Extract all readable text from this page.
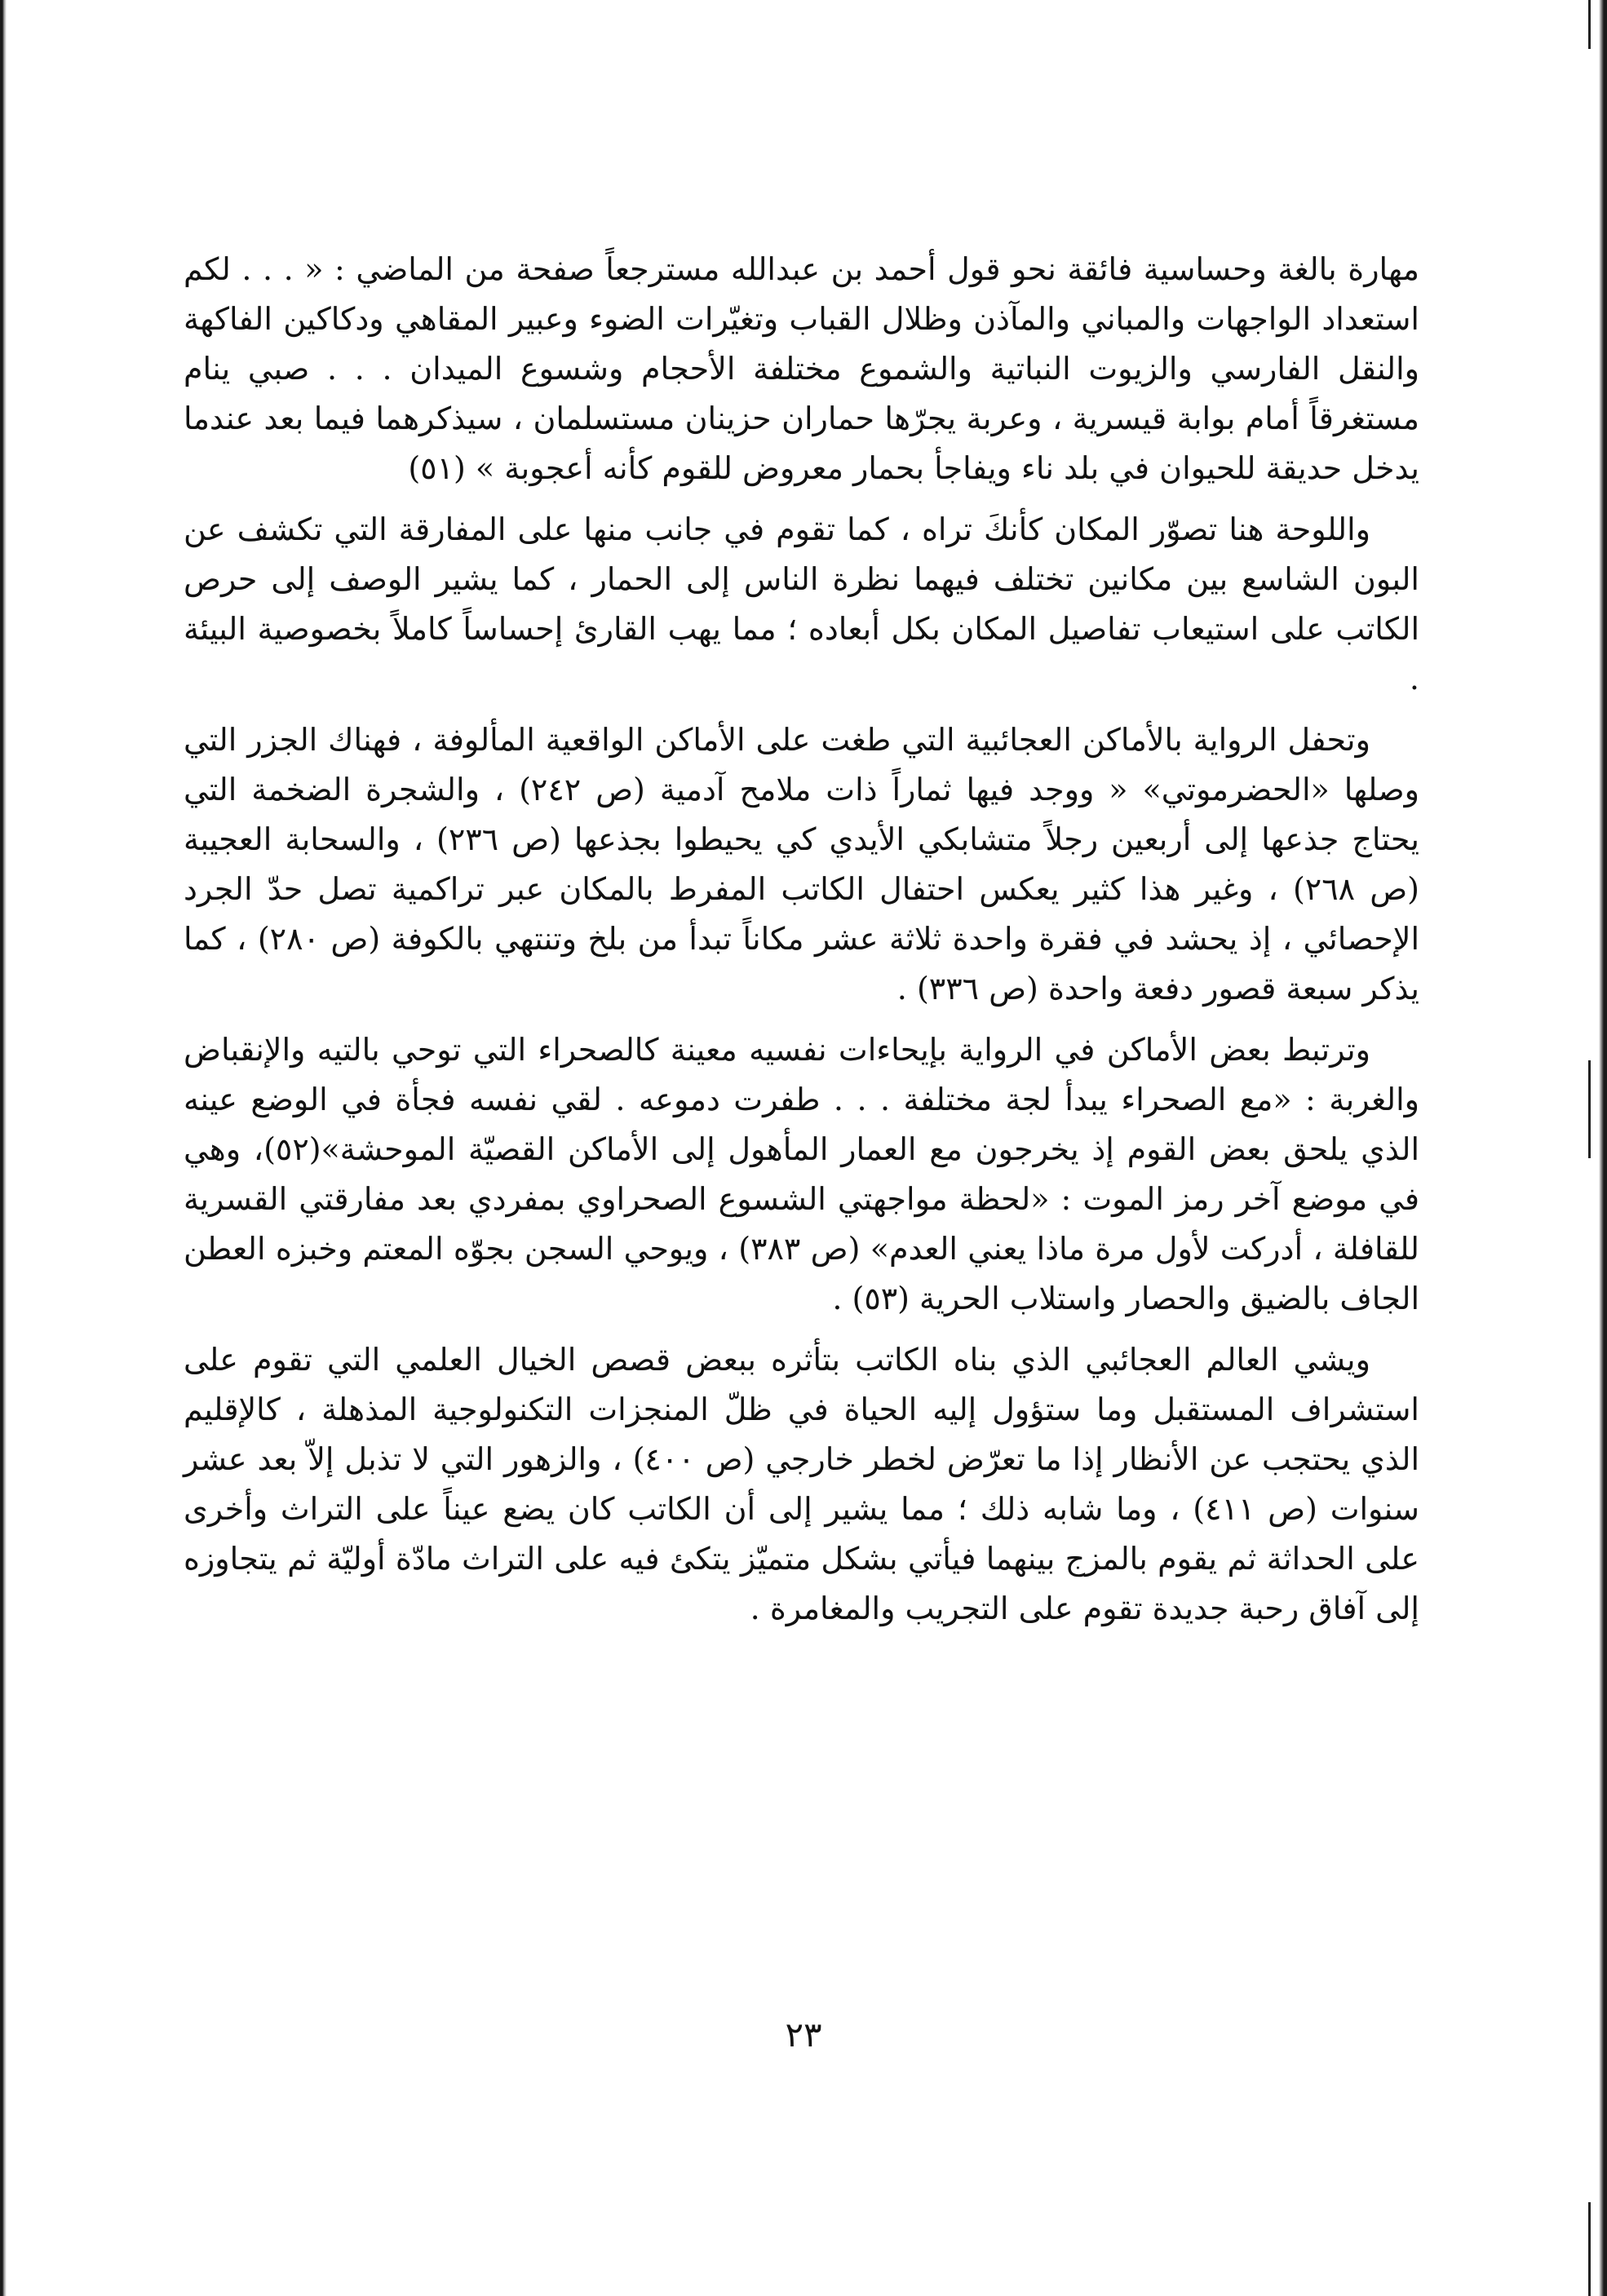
مهارة بالغة وحساسية فائقة نحو قول أحمد بن عبدالله مسترجعاً صفحة من الماضي : « . . . لكم استعداد الواجهات والمباني والمآذن وظلال القباب وتغيّرات الضوء وعبير المقاهي ودكاكين الفاكهة والنقل الفارسي والزيوت النباتية والشموع مختلفة الأحجام وشسوع الميدان . . . صبي ينام مستغرقاً أمام بوابة قيسرية ، وعربة يجرّها حماران حزينان مستسلمان ، سيذكرهما فيما بعد عندما يدخل حديقة للحيوان في بلد ناء ويفاجأ بحمار معروض للقوم كأنه أعجوبة » (٥١)

واللوحة هنا تصوّر المكان كأنكَ تراه ، كما تقوم في جانب منها على المفارقة التي تكشف عن البون الشاسع بين مكانين تختلف فيهما نظرة الناس إلى الحمار ، كما يشير الوصف إلى حرص الكاتب على استيعاب تفاصيل المكان بكل أبعاده ؛ مما يهب القارئ إحساساً كاملاً بخصوصية البيئة .

وتحفل الرواية بالأماكن العجائبية التي طغت على الأماكن الواقعية المألوفة ، فهناك الجزر التي وصلها «الحضرموتي» « ووجد فيها ثماراً ذات ملامح آدمية (ص ٢٤٢) ، والشجرة الضخمة التي يحتاج جذعها إلى أربعين رجلاً متشابكي الأيدي كي يحيطوا بجذعها (ص ٢٣٦) ، والسحابة العجيبة (ص ٢٦٨) ، وغير هذا كثير يعكس احتفال الكاتب المفرط بالمكان عبر تراكمية تصل حدّ الجرد الإحصائي ، إذ يحشد في فقرة واحدة ثلاثة عشر مكاناً تبدأ من بلخ وتنتهي بالكوفة (ص ٢٨٠) ، كما يذكر سبعة قصور دفعة واحدة (ص ٣٣٦) .

وترتبط بعض الأماكن في الرواية بإيحاءات نفسيه معينة كالصحراء التي توحي بالتيه والإنقباض والغربة : «مع الصحراء يبدأ لجة مختلفة . . . طفرت دموعه . لقي نفسه فجأة في الوضع عينه الذي يلحق بعض القوم إذ يخرجون مع العمار المأهول إلى الأماكن القصيّة الموحشة»(٥٢)، وهي في موضع آخر رمز الموت : «لحظة مواجهتي الشسوع الصحراوي بمفردي بعد مفارقتي القسرية للقافلة ، أدركت لأول مرة ماذا يعني العدم» (ص ٣٨٣) ، ويوحي السجن بجوّه المعتم وخبزه العطن الجاف بالضيق والحصار واستلاب الحرية (٥٣) .

ويشي العالم العجائبي الذي بناه الكاتب بتأثره ببعض قصص الخيال العلمي التي تقوم على استشراف المستقبل وما ستؤول إليه الحياة في ظلّ المنجزات التكنولوجية المذهلة ، كالإقليم الذي يحتجب عن الأنظار إذا ما تعرّض لخطر خارجي (ص ٤٠٠) ، والزهور التي لا تذبل إلاّ بعد عشر سنوات (ص ٤١١) ، وما شابه ذلك ؛ مما يشير إلى أن الكاتب كان يضع عيناً على التراث وأخرى على الحداثة ثم يقوم بالمزج بينهما فيأتي بشكل متميّز يتكئ فيه على التراث مادّة أوليّة ثم يتجاوزه إلى آفاق رحبة جديدة تقوم على التجريب والمغامرة .

٢٣
